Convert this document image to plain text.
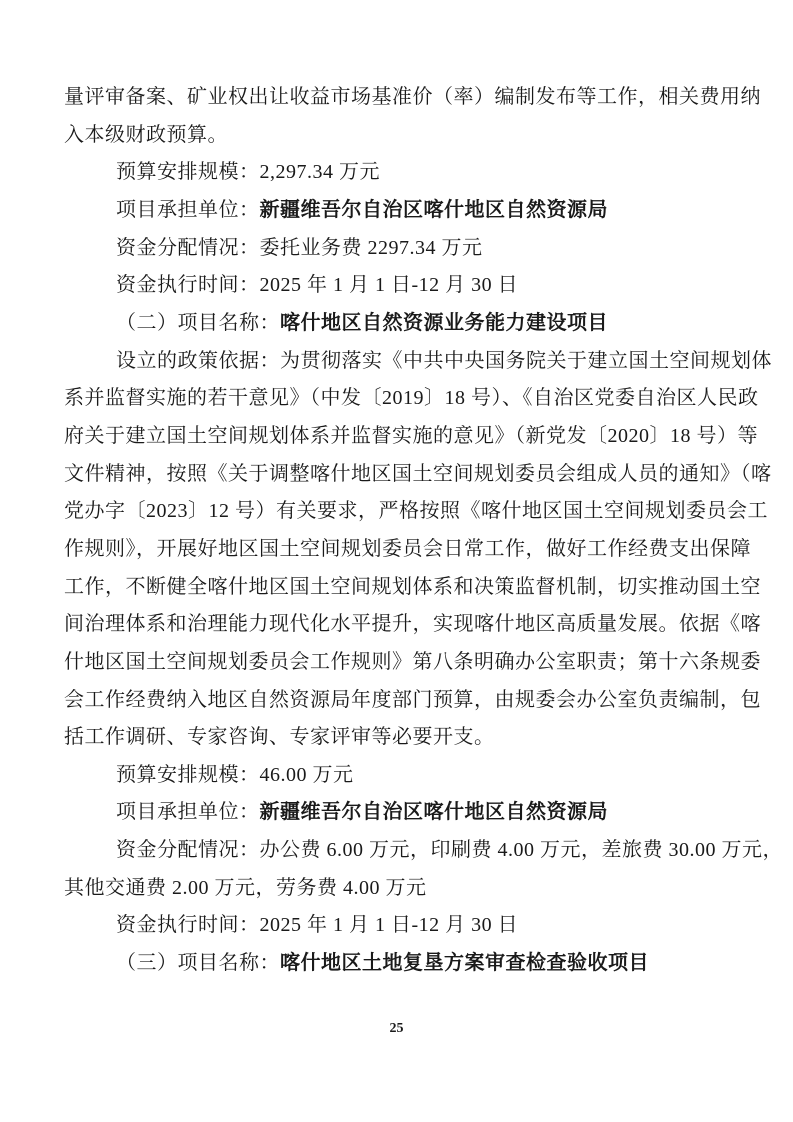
量评审备案、矿业权出让收益市场基准价（率）编制发布等工作，相关费用纳
入本级财政预算。
预算安排规模：2,297.34 万元
项目承担单位：新疆维吾尔自治区喀什地区自然资源局
资金分配情况：委托业务费 2297.34 万元
资金执行时间：2025 年 1 月 1 日-12 月 30 日
（二）项目名称：喀什地区自然资源业务能力建设项目
设立的政策依据：为贯彻落实《中共中央国务院关于建立国土空间规划体
系并监督实施的若干意见》（中发〔2019〕18 号）、《自治区党委自治区人民政
府关于建立国土空间规划体系并监督实施的意见》（新党发〔2020〕18 号）等
文件精神，按照《关于调整喀什地区国土空间规划委员会组成人员的通知》（喀
党办字〔2023〕12 号）有关要求，严格按照《喀什地区国土空间规划委员会工
作规则》，开展好地区国土空间规划委员会日常工作，做好工作经费支出保障
工作，不断健全喀什地区国土空间规划体系和决策监督机制，切实推动国土空
间治理体系和治理能力现代化水平提升，实现喀什地区高质量发展。依据《喀
什地区国土空间规划委员会工作规则》第八条明确办公室职责；第十六条规委
会工作经费纳入地区自然资源局年度部门预算，由规委会办公室负责编制，包
括工作调研、专家咨询、专家评审等必要开支。
预算安排规模：46.00 万元
项目承担单位：新疆维吾尔自治区喀什地区自然资源局
资金分配情况：办公费 6.00 万元，印刷费 4.00 万元，差旅费 30.00 万元，
其他交通费 2.00 万元，劳务费 4.00 万元
资金执行时间：2025 年 1 月 1 日-12 月 30 日
（三）项目名称：喀什地区土地复垦方案审查检查验收项目
25
